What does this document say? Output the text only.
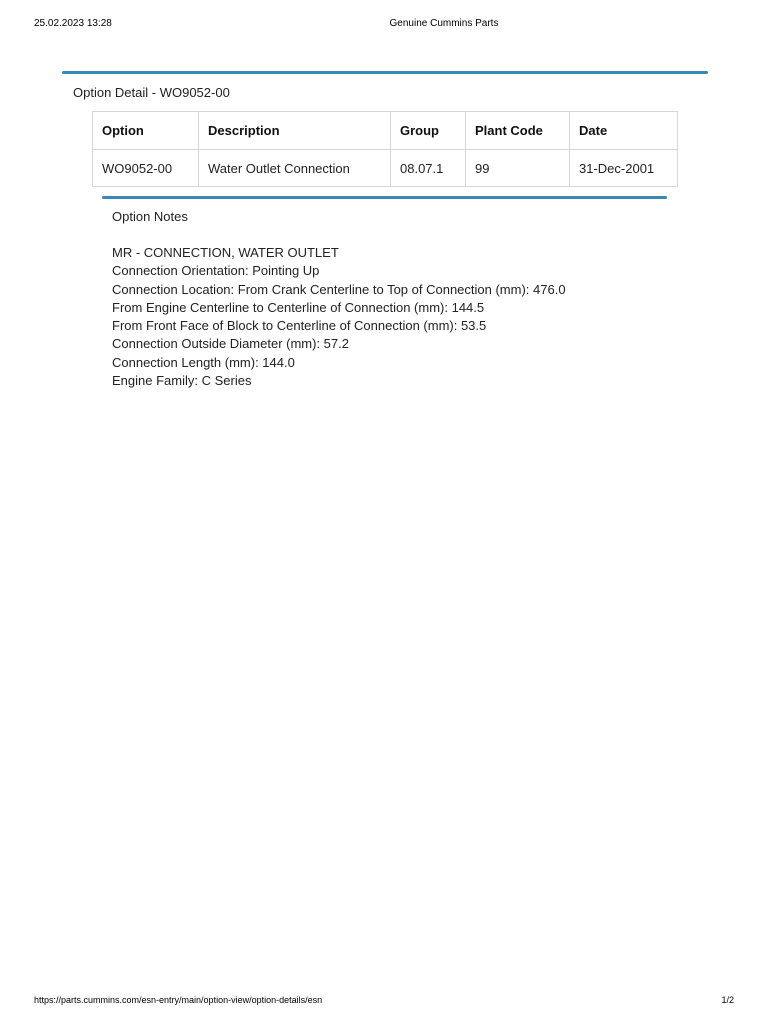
25.02.2023 13:28	Genuine Cummins Parts
Option Detail - WO9052-00
Option	Description	Group	Plant Code	Date
WO9052-00	Water Outlet Connection	08.07.1	99	31-Dec-2001
Option Notes
MR - CONNECTION, WATER OUTLET
Connection Orientation: Pointing Up
Connection Location: From Crank Centerline to Top of Connection (mm): 476.0
From Engine Centerline to Centerline of Connection (mm): 144.5
From Front Face of Block to Centerline of Connection (mm): 53.5
Connection Outside Diameter (mm): 57.2
Connection Length (mm): 144.0
Engine Family: C Series
https://parts.cummins.com/esn-entry/main/option-view/option-details/esn	1/2
